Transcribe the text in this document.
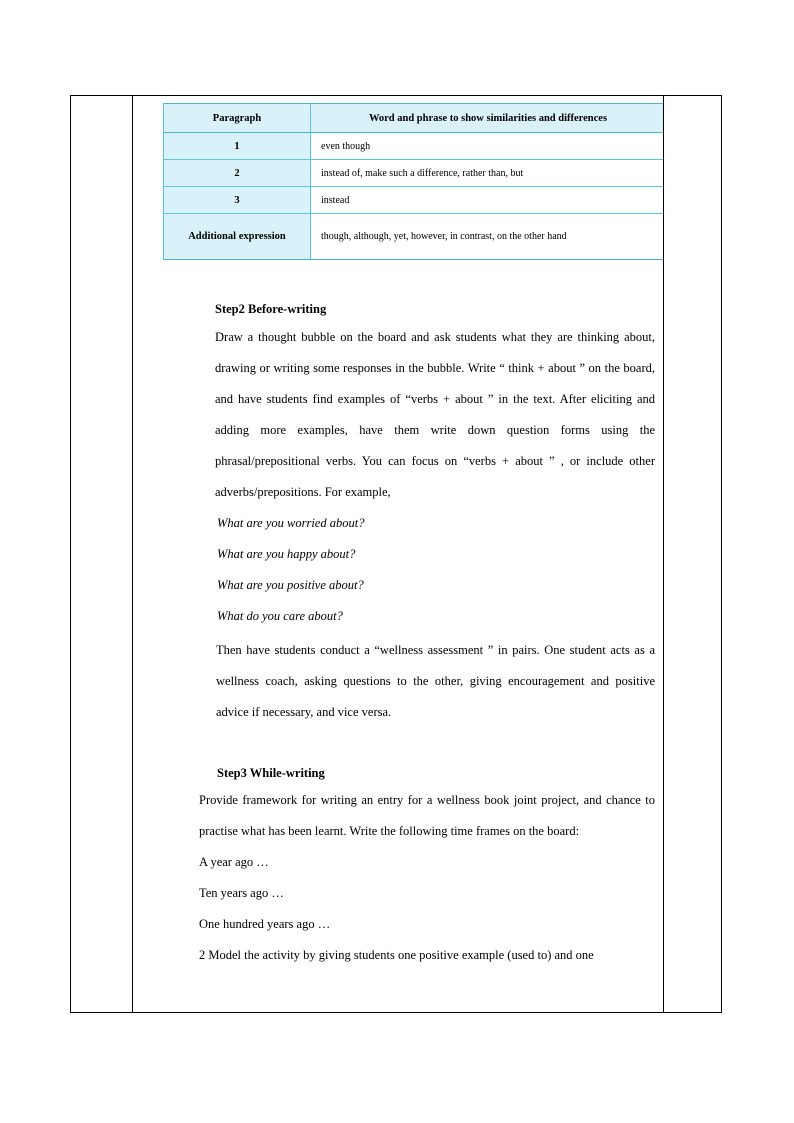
Paragraph	Word and phrase to show similarities and differences
1	even though
2	instead of, make such a difference, rather than, but
3	instead
Additional expression	though, although, yet, however, in contrast, on the other hand
Step2 Before-writing

Draw a thought bubble on the board and ask students what they are thinking about, drawing or writing some responses in the bubble. Write “ think + about ” on the board, and have students find examples of “verbs + about ” in the text. After eliciting and adding more examples, have them write down question forms using the phrasal/prepositional verbs. You can focus on “verbs + about ” , or include other adverbs/prepositions. For example,

What are you worried about?
What are you happy about?
What are you positive about?
What do you care about?

Then have students conduct a “wellness assessment ” in pairs. One student acts as a wellness coach, asking questions to the other, giving encouragement and positive advice if necessary, and vice versa.

Step3 While-writing

Provide framework for writing an entry for a wellness book joint project, and chance to practise what has been learnt. Write the following time frames on the board:

A year ago …
Ten years ago …
One hundred years ago …
2 Model the activity by giving students one positive example (used to) and one
